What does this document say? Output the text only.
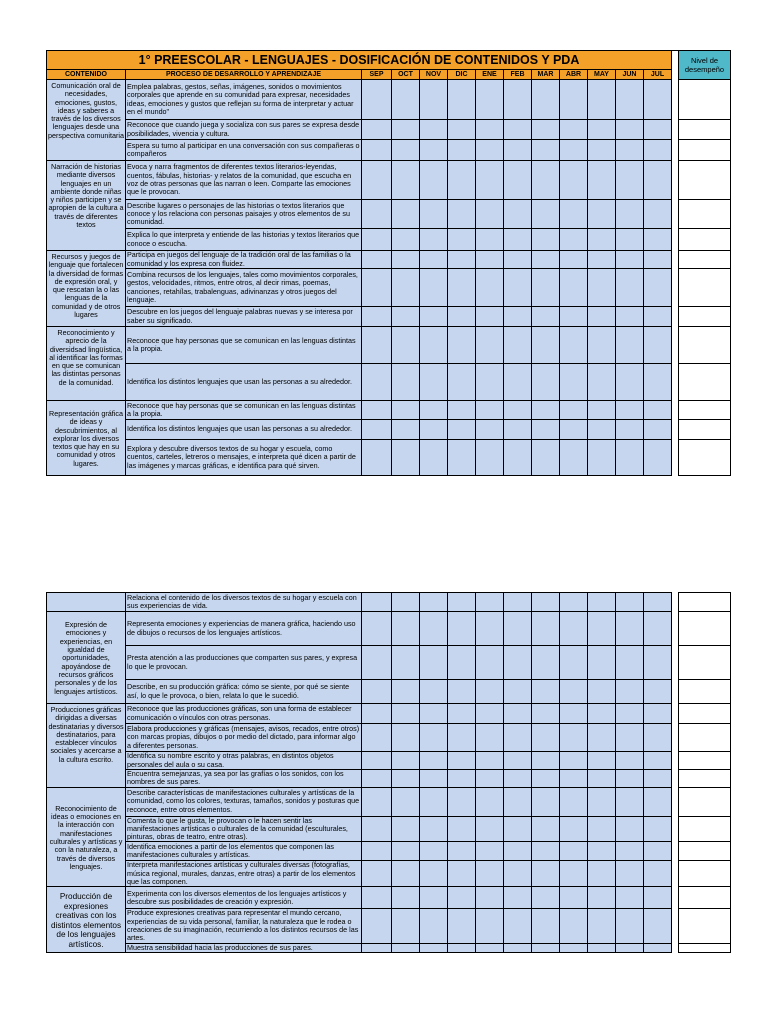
1° PREESCOLAR - LENGUAJES - DOSIFICACIÓN DE CONTENIDOS Y PDA														Nivel de desempeño
CONTENIDO	PROCESO DE DESARROLLO Y APRENDIZAJE	SEP	OCT	NOV	DIC	ENE	FEB	MAR	ABR	MAY	JUN	JUL		
Comunicación oral de necesidades, emociones, gustos, ideas y saberes a través de los diversos lenguajes desde una perspectiva comunitaria	Emplea palabras, gestos, señas, imágenes, sonidos o movimientos corporales que aprende en su comunidad para expresar, necesidades ideas, emociones y gustos que reflejan su forma de interpretar y actuar en el mundo"													
	Reconoce que cuando juega y socializa con sus pares se expresa desde posibilidades, vivencia y cultura.													
	Espera su turno al participar en una conversación con sus compañeras o compañeros													
Narración de historias mediante diversos lenguajes en un ambiente donde niñas y niños participen y se apropien de la cultura a través de diferentes textos	Evoca y narra fragmentos de diferentes textos literarios-leyendas, cuentos, fábulas, historias- y relatos de la comunidad, que escucha en voz de otras personas que las narran o leen. Comparte las emociones que le provocan.													
	Describe lugares o personajes de las historias o textos literarios que conoce y los relaciona con personas paisajes y otros elementos de su comunidad.													
	Explica lo que interpreta y entiende de las historias y textos literarios que conoce o escucha.													
Recursos y juegos de lenguaje que fortalecen la diversidad de formas de expresión oral, y que rescatan la o las lenguas de la comunidad y de otros lugares	Participa en juegos del lenguaje de la tradición oral de las familias o la comunidad y los expresa con fluidez.													
	Combina recursos de los lenguajes, tales como movimientos corporales, gestos, velocidades, ritmos, entre otros, al decir rimas, poemas, canciones, retahílas, trabalenguas, adivinanzas y otros juegos del lenguaje.													
	Descubre en los juegos del lenguaje palabras nuevas y se interesa por saber su significado.													
Reconocimiento y aprecio de la diversidsad lingüística, al identificar las formas en que se comunican las distintas personas de la comunidad.	Reconoce que hay personas que se comunican en las lenguas distintas a la propia.													
	Identifica los distintos lenguajes que usan las personas a su alrededor.													
Representación gráfica de ideas y descubrimientos, al explorar los diversos textos que hay en su comunidad y otros lugares.	Reconoce que hay personas que se comunican en las lenguas distintas a la propia.													
	Identifica los distintos lenguajes que usan las personas a su alrededor.													
	Explora y descubre diversos textos de su hogar y escuela, como cuentos, carteles, letreros o mensajes, e interpreta qué dicen a partir de las imágenes y marcas gráficas, e identifica para qué sirven.													
	Relaciona el contenido de los diversos textos de su hogar y escuela con sus experiencias de vida.													
Expresión de emociones y experiencias, en igualdad de oportunidades, apoyándose de recursos gráficos personales y de los lenguajes artísticos.	Representa emociones y experiencias de manera gráfica, haciendo uso de dibujos o recursos de los lenguajes artísticos.													
	Presta atención a las producciones que comparten sus pares, y expresa lo que le provocan.													
	Describe, en su producción gráfica: cómo se siente, por qué se siente así, lo que le provoca, o bien, relata lo que le sucedió.													
Producciones gráficas dirigidas a diversas destinatarias y diversos destinatarios, para establecer vínculos sociales y acercarse a la cultura escrito.	Reconoce que las producciones gráficas, son una forma de establecer comunicación o vínculos con otras personas.													
	Elabora producciones y gráficas (mensajes, avisos, recados, entre otros) con marcas propias, dibujos o por medio del dictado, para informar algo a diferentes personas.													
	Identifica su nombre escrito y otras palabras, en distintos objetos personales del aula o su casa.													
	Encuentra semejanzas, ya sea por las grafías o los sonidos, con los nombres de sus pares.													
Reconocimiento de ideas o emociones en la interacción con manifestaciones culturales y artísticas y con la naturaleza, a través de diversos lenguajes.	Describe características de manifestaciones culturales y artísticas de la comunidad, como los colores, texturas, tamaños, sonidos y posturas que reconoce, entre otros elementos.													
	Comenta lo que le gusta, le provocan o le hacen sentir las manifestaciones artísticas o culturales de la comunidad (esculturales, pinturas, obras de teatro, entre otras).													
	Identifica emociones a partir de los elementos que componen las manifestaciones culturales y artísticas.													
	Interpreta manifestaciones artísticas y culturales diversas (fotografías, música regional, murales, danzas, entre otras) a partir de los elementos que las componen.													
Producción de expresiones creativas con los distintos elementos de los lenguajes artísticos.	Experimenta con los diversos elementos de los lenguajes artísticos y descubre sus posibilidades de creación y expresión.													
	Produce expresiones creativas para representar el mundo cercano, experiencias de su vida personal, familiar, la naturaleza que le rodea o creaciones de su imaginación, recurriendo a los distintos recursos de las artes.													
	Muestra sensibilidad hacia las producciones de sus pares.													
